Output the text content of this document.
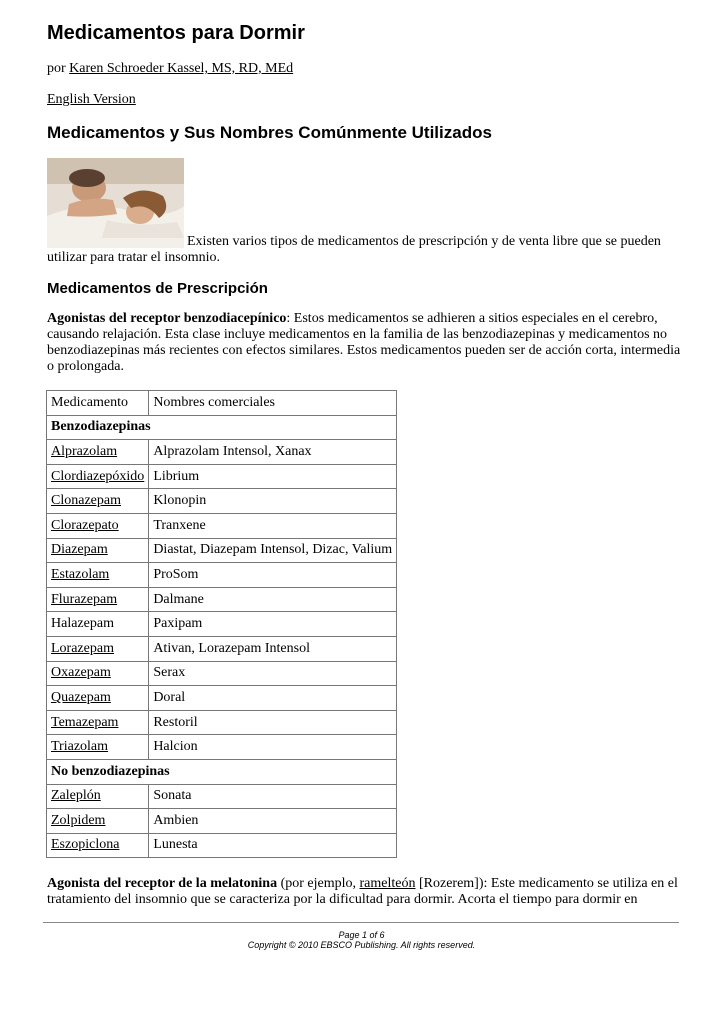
Medicamentos para Dormir
por Karen Schroeder Kassel, MS, RD, MEd
English Version
Medicamentos y Sus Nombres Comúnmente Utilizados
Existen varios tipos de medicamentos de prescripción y de venta libre que se pueden utilizar para tratar el insomnio.
Medicamentos de Prescripción
Agonistas del receptor benzodiacepínico: Estos medicamentos se adhieren a sitios especiales en el cerebro, causando relajación. Esta clase incluye medicamentos en la familia de las benzodiazepinas y medicamentos no benzodiazepinas más recientes con efectos similares. Estos medicamentos pueden ser de acción corta, intermedia o prolongada.
Medicamento	Nombres comerciales
Benzodiazepinas	
Alprazolam	Alprazolam Intensol, Xanax
Clordiazepóxido	Librium
Clonazepam	Klonopin
Clorazepato	Tranxene
Diazepam	Diastat, Diazepam Intensol, Dizac, Valium
Estazolam	ProSom
Flurazepam	Dalmane
Halazepam	Paxipam
Lorazepam	Ativan, Lorazepam Intensol
Oxazepam	Serax
Quazepam	Doral
Temazepam	Restoril
Triazolam	Halcion
No benzodiazepinas	
Zaleplón	Sonata
Zolpidem	Ambien
Eszopiclona	Lunesta
Agonista del receptor de la melatonina (por ejemplo, ramelteón [Rozerem]): Este medicamento se utiliza en el tratamiento del insomnio que se caracteriza por la dificultad para dormir. Acorta el tiempo para dormir en
Page 1 of 6
Copyright © 2010 EBSCO Publishing. All rights reserved.
